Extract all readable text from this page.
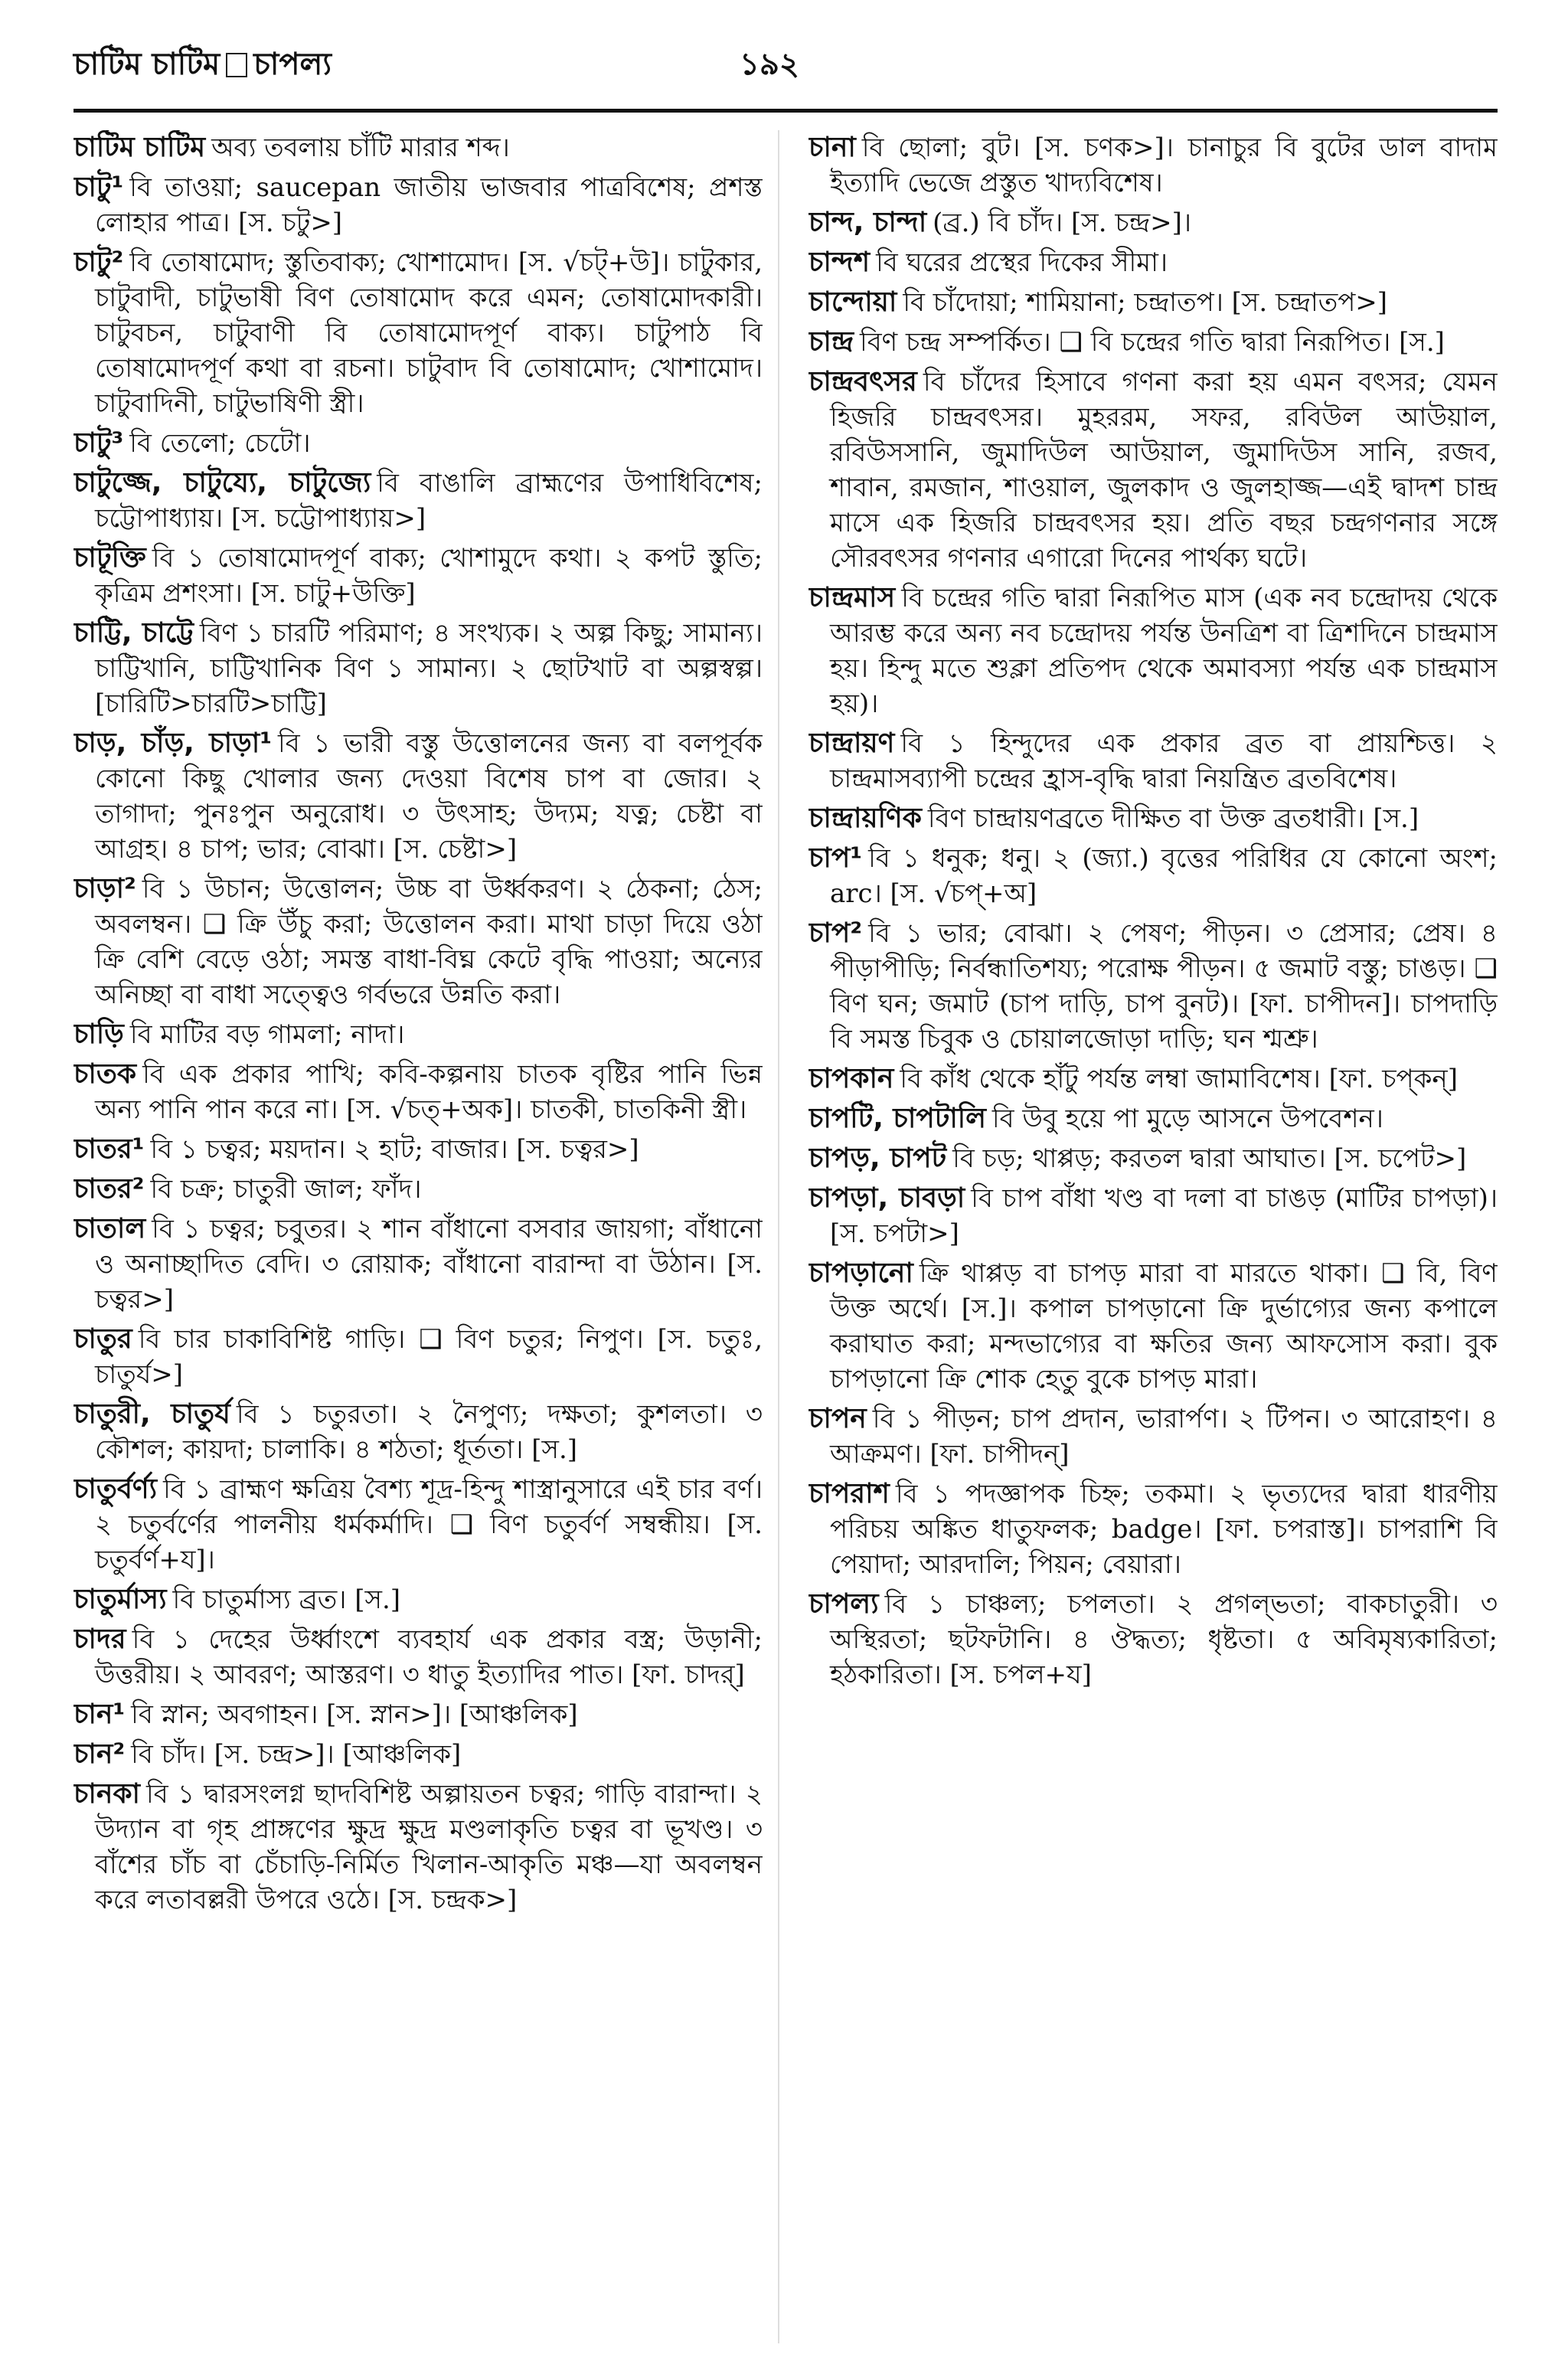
চাটিম চাটিম চাপল্য	১৯২

চাটিম চাটিম অব্য তবলায় চাঁটি মারার শব্দ।

চাটু¹ বি তাওয়া; saucepan জাতীয় ভাজবার পাত্রবিশেষ; প্রশস্ত লোহার পাত্র। [স. চটু>]

চাটু² বি তোষামোদ; স্তুতিবাক্য; খোশামোদ। [স. √চট্+উ]। চাটুকার, চাটুবাদী, চাটুভাষী বিণ তোষামোদ করে এমন; তোষামোদকারী। চাটুবচন, চাটুবাণী বি তোষামোদপূর্ণ বাক্য। চাটুপাঠ বি তোষামোদপূর্ণ কথা বা রচনা। চাটুবাদ বি তোষামোদ; খোশামোদ। চাটুবাদিনী, চাটুভাষিণী স্ত্রী।

চাটু³ বি তেলো; চেটো।

চাটুজ্জে, চাটুয্যে, চাটুজ্যে বি বাঙালি ব্রাহ্মণের উপাধিবিশেষ; চট্টোপাধ্যায়। [স. চট্টোপাধ্যায়>]

চাটূক্তি বি ১ তোষামোদপূর্ণ বাক্য; খোশামুদে কথা। ২ কপট স্তুতি; কৃত্রিম প্রশংসা। [স. চাটু+উক্তি]

চাট্টি, চাট্টে বিণ ১ চারটি পরিমাণ; ৪ সংখ্যক। ২ অল্প কিছু; সামান্য। চাট্টিখানি, চাট্টিখানিক বিণ ১ সামান্য। ২ ছোটখাট বা অল্পস্বল্প। [চারিটি>চারটি>চাট্টি]

চাড়, চাঁড়, চাড়া¹ বি ১ ভারী বস্তু উত্তোলনের জন্য বা বলপূর্বক কোনো কিছু খোলার জন্য দেওয়া বিশেষ চাপ বা জোর। ২ তাগাদা; পুনঃপুন অনুরোধ। ৩ উৎসাহ; উদ্যম; যত্ন; চেষ্টা বা আগ্রহ। ৪ চাপ; ভার; বোঝা। [স. চেষ্টা>]

চাড়া² বি ১ উচান; উত্তোলন; উচ্চ বা উর্ধ্বকরণ। ২ ঠেকনা; ঠেস; অবলম্বন। ❑ ক্রি উঁচু করা; উত্তোলন করা। মাথা চাড়া দিয়ে ওঠা ক্রি বেশি বেড়ে ওঠা; সমস্ত বাধা-বিঘ্ন কেটে বৃদ্ধি পাওয়া; অন্যের অনিচ্ছা বা বাধা সত্ত্বেও গর্বভরে উন্নতি করা।

চাড়ি বি মাটির বড় গামলা; নাদা।

চাতক বি এক প্রকার পাখি; কবি-কল্পনায় চাতক বৃষ্টির পানি ভিন্ন অন্য পানি পান করে না। [স. √চত্+অক]। চাতকী, চাতকিনী স্ত্রী।

চাতর¹ বি ১ চত্বর; ময়দান। ২ হাট; বাজার। [স. চত্বর>]

চাতর² বি চক্র; চাতুরী জাল; ফাঁদ।

চাতাল বি ১ চত্বর; চবুতর। ২ শান বাঁধানো বসবার জায়গা; বাঁধানো ও অনাচ্ছাদিত বেদি। ৩ রোয়াক; বাঁধানো বারান্দা বা উঠান। [স. চত্বর>]

চাতুর বি চার চাকাবিশিষ্ট গাড়ি। ❑ বিণ চতুর; নিপুণ। [স. চতুঃ, চাতুর্য>]

চাতুরী, চাতুর্য বি ১ চতুরতা। ২ নৈপুণ্য; দক্ষতা; কুশলতা। ৩ কৌশল; কায়দা; চালাকি। ৪ শঠতা; ধূর্ততা। [স.]

চাতুর্বর্ণ্য বি ১ ব্রাহ্মণ ক্ষত্রিয় বৈশ্য শূদ্র-হিন্দু শাস্ত্রানুসারে এই চার বর্ণ। ২ চতুর্বর্ণের পালনীয় ধর্মকর্মাদি। ❑ বিণ চতুর্বর্ণ সম্বন্ধীয়। [স. চতুর্বর্ণ+য]।

চাতুর্মাস্য বি চাতুর্মাস্য ব্রত। [স.]

চাদর বি ১ দেহের উর্ধ্বাংশে ব্যবহার্য এক প্রকার বস্ত্র; উড়ানী; উত্তরীয়। ২ আবরণ; আস্তরণ। ৩ ধাতু ইত্যাদির পাত। [ফা. চাদর্]

চান¹ বি স্নান; অবগাহন। [স. স্নান>]। [আঞ্চলিক]

চান² বি চাঁদ। [স. চন্দ্র>]। [আঞ্চলিক]

চানকা বি ১ দ্বারসংলগ্ন ছাদবিশিষ্ট অল্পায়তন চত্বর; গাড়ি বারান্দা। ২ উদ্যান বা গৃহ প্রাঙ্গণের ক্ষুদ্র ক্ষুদ্র মণ্ডলাকৃতি চত্বর বা ভূখণ্ড। ৩ বাঁশের চাঁচ বা চেঁচাড়ি-নির্মিত খিলান-আকৃতি মঞ্চ—যা অবলম্বন করে লতাবল্লরী উপরে ওঠে। [স. চন্দ্রক>]

চানা বি ছোলা; বুট। [স. চণক>]। চানাচুর বি বুটের ডাল বাদাম ইত্যাদি ভেজে প্রস্তুত খাদ্যবিশেষ।

চান্দ, চান্দা (ব্র.) বি চাঁদ। [স. চন্দ্র>]।

চান্দশ বি ঘরের প্রস্থের দিকের সীমা।

চান্দোয়া বি চাঁদোয়া; শামিয়ানা; চন্দ্রাতপ। [স. চন্দ্রাতপ>]

চান্দ্র বিণ চন্দ্র সম্পর্কিত। ❑ বি চন্দ্রের গতি দ্বারা নিরূপিত। [স.]

চান্দ্রবৎসর বি চাঁদের হিসাবে গণনা করা হয় এমন বৎসর; যেমন হিজরি চান্দ্রবৎসর। মুহররম, সফর, রবিউল আউয়াল, রবিউসসানি, জুমাদিউল আউয়াল, জুমাদিউস সানি, রজব, শাবান, রমজান, শাওয়াল, জুলকাদ ও জুলহাজ্জ—এই দ্বাদশ চান্দ্র মাসে এক হিজরি চান্দ্রবৎসর হয়। প্রতি বছর চন্দ্রগণনার সঙ্গে সৌরবৎসর গণনার এগারো দিনের পার্থক্য ঘটে।

চান্দ্রমাস বি চন্দ্রের গতি দ্বারা নিরূপিত মাস (এক নব চন্দ্রোদয় থেকে আরম্ভ করে অন্য নব চন্দ্রোদয় পর্যন্ত উনত্রিশ বা ত্রিশদিনে চান্দ্রমাস হয়। হিন্দু মতে শুক্লা প্রতিপদ থেকে অমাবস্যা পর্যন্ত এক চান্দ্রমাস হয়)।

চান্দ্রায়ণ বি ১ হিন্দুদের এক প্রকার ব্রত বা প্রায়শ্চিত্ত। ২ চান্দ্রমাসব্যাপী চন্দ্রের হ্রাস-বৃদ্ধি দ্বারা নিয়ন্ত্রিত ব্রতবিশেষ।

চান্দ্রায়ণিক বিণ চান্দ্রায়ণব্রতে দীক্ষিত বা উক্ত ব্রতধারী। [স.]

চাপ¹ বি ১ ধনুক; ধনু। ২ (জ্যা.) বৃত্তের পরিধির যে কোনো অংশ; arc। [স. √চপ্+অ]

চাপ² বি ১ ভার; বোঝা। ২ পেষণ; পীড়ন। ৩ প্রেসার; প্রেষ। ৪ পীড়াপীড়ি; নির্বন্ধাতিশয্য; পরোক্ষ পীড়ন। ৫ জমাট বস্তু; চাঙড়। ❑ বিণ ঘন; জমাট (চাপ দাড়ি, চাপ বুনট)। [ফা. চাপীদন]। চাপদাড়ি বি সমস্ত চিবুক ও চোয়ালজোড়া দাড়ি; ঘন শ্মশ্রু।

চাপকান বি কাঁধ থেকে হাঁটু পর্যন্ত লম্বা জামাবিশেষ। [ফা. চপ্‌কন্]

চাপটি, চাপটালি বি উবু হয়ে পা মুড়ে আসনে উপবেশন।

চাপড়, চাপট বি চড়; থাপ্পড়; করতল দ্বারা আঘাত। [স. চপেট>]

চাপড়া, চাবড়া বি চাপ বাঁধা খণ্ড বা দলা বা চাঙড় (মাটির চাপড়া)। [স. চপটা>]

চাপড়ানো ক্রি থাপ্পড় বা চাপড় মারা বা মারতে থাকা। ❑ বি, বিণ উক্ত অর্থে। [স.]। কপাল চাপড়ানো ক্রি দুর্ভাগ্যের জন্য কপালে করাঘাত করা; মন্দভাগ্যের বা ক্ষতির জন্য আফসোস করা। বুক চাপড়ানো ক্রি শোক হেতু বুকে চাপড় মারা।

চাপন বি ১ পীড়ন; চাপ প্রদান, ভারার্পণ। ২ টিপন। ৩ আরোহণ। ৪ আক্রমণ। [ফা. চাপীদন্]

চাপরাশ বি ১ পদজ্ঞাপক চিহ্ন; তকমা। ২ ভৃত্যদের দ্বারা ধারণীয় পরিচয় অঙ্কিত ধাতুফলক; badge। [ফা. চপরাস্ত]। চাপরাশি বি পেয়াদা; আরদালি; পিয়ন; বেয়ারা।

চাপল্য বি ১ চাঞ্চল্য; চপলতা। ২ প্রগল্‌ভতা; বাকচাতুরী। ৩ অস্থিরতা; ছটফটানি। ৪ ঔদ্ধত্য; ধৃষ্টতা। ৫ অবিমৃষ্যকারিতা; হঠকারিতা। [স. চপল+য]
